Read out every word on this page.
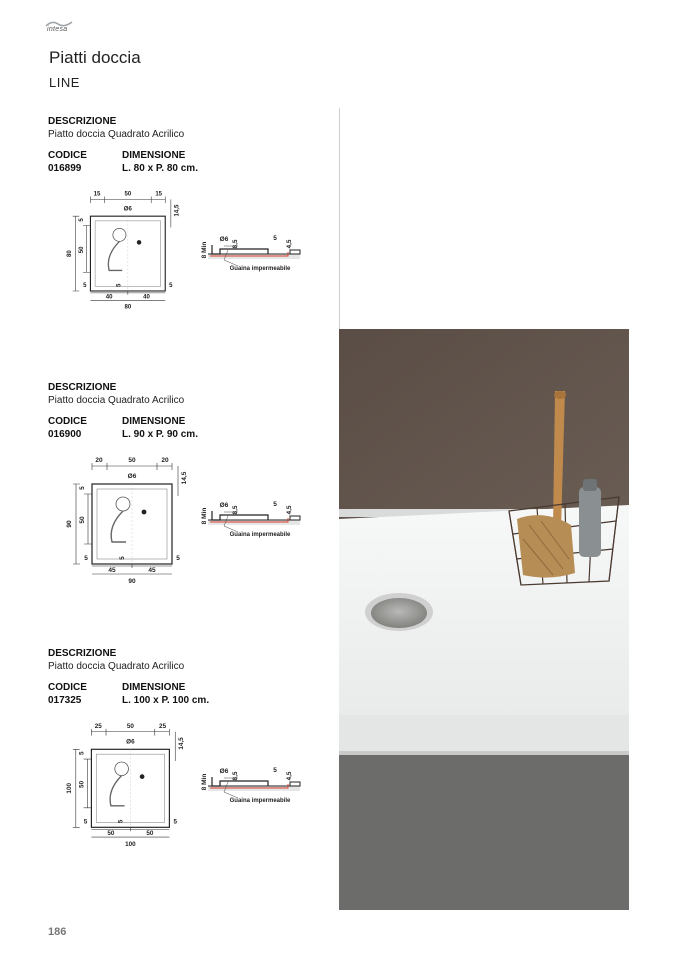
intesa
Piatti doccia
LINE
DESCRIZIONE
Piatto doccia Quadrato Acrilico
CODICE
016899
DIMENSIONE
L. 80 x P. 80 cm.
15	50	15
14,5
Ø6
80
50
5
5	5	5
40	40
80
8 Min
Ø6 8,5
5
4,5
Guaina impermeabile
DESCRIZIONE
Piatto doccia Quadrato Acrilico
CODICE
016900
DIMENSIONE
L. 90 x P. 90 cm.
20	50	20
14,5
Ø6
90
50
5
5	5	5
45	45
90
8 Min
Ø6 8,5
5
4,5
Guaina impermeabile
DESCRIZIONE
Piatto doccia Quadrato Acrilico
CODICE
017325
DIMENSIONE
L. 100 x P. 100 cm.
25	50	25
14,5
Ø6
100 50
5
5	5	5
50	50
100
8 Min
Ø6 8,5
5
4,5
Guaina impermeabile
186
